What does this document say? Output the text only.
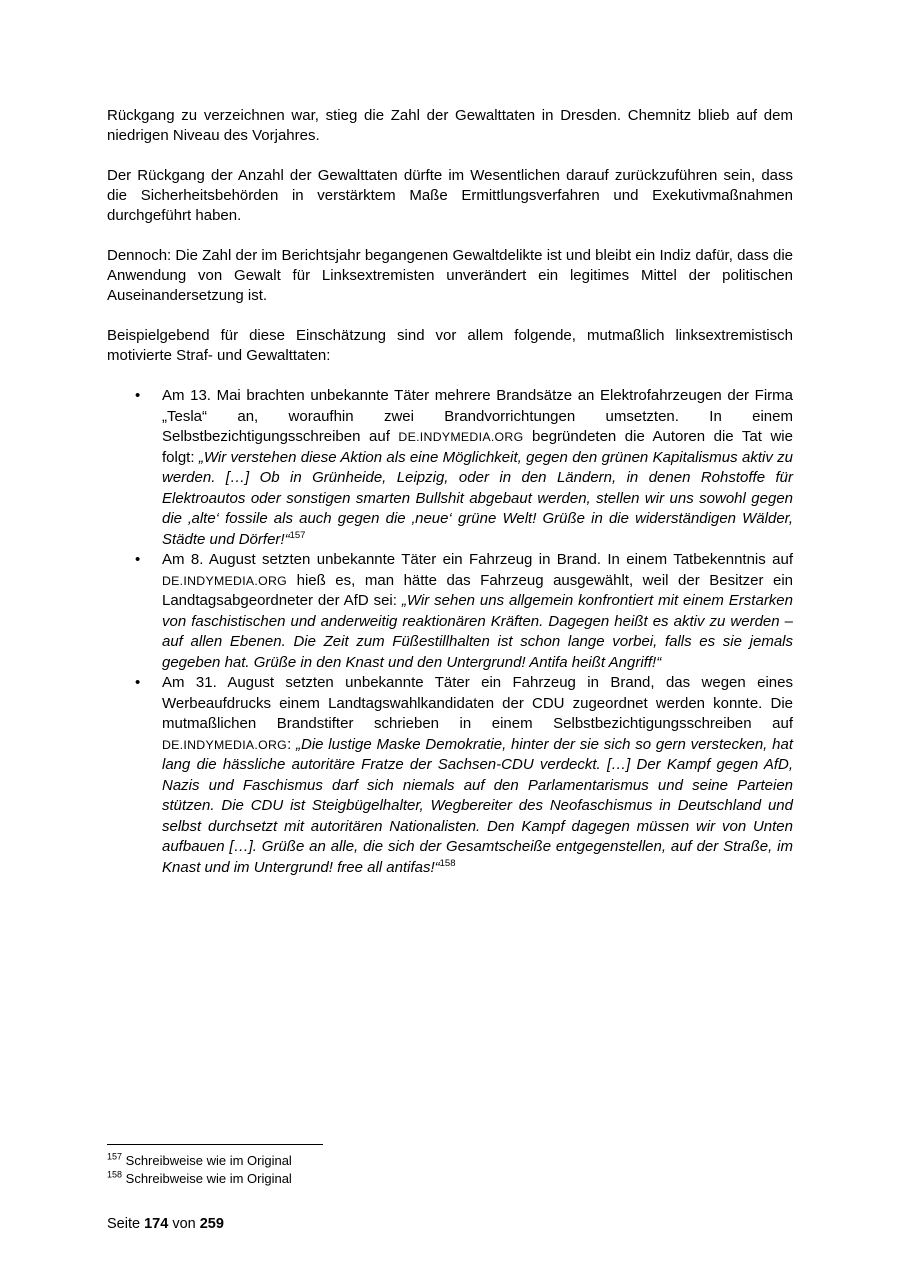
Rückgang zu verzeichnen war, stieg die Zahl der Gewalttaten in Dresden. Chemnitz blieb auf dem niedrigen Niveau des Vorjahres.

Der Rückgang der Anzahl der Gewalttaten dürfte im Wesentlichen darauf zurückzuführen sein, dass die Sicherheitsbehörden in verstärktem Maße Ermittlungsverfahren und Exekutivmaßnahmen durchgeführt haben.

Dennoch: Die Zahl der im Berichtsjahr begangenen Gewaltdelikte ist und bleibt ein Indiz dafür, dass die Anwendung von Gewalt für Linksextremisten unverändert ein legitimes Mittel der politischen Auseinandersetzung ist.

Beispielgebend für diese Einschätzung sind vor allem folgende, mutmaßlich linksextremistisch motivierte Straf- und Gewalttaten:

• Am 13. Mai brachten unbekannte Täter mehrere Brandsätze an Elektrofahrzeugen der Firma „Tesla“ an, woraufhin zwei Brandvorrichtungen umsetzten. In einem Selbstbezichtigungsschreiben auf DE.INDYMEDIA.ORG begründeten die Autoren die Tat wie folgt: „Wir verstehen diese Aktion als eine Möglichkeit, gegen den grünen Kapitalismus aktiv zu werden. […] Ob in Grünheide, Leipzig, oder in den Ländern, in denen Rohstoffe für Elektroautos oder sonstigen smarten Bullshit abgebaut werden, stellen wir uns sowohl gegen die ‚alte‘ fossile als auch gegen die ‚neue‘ grüne Welt! Grüße in die widerständigen Wälder, Städte und Dörfer!“$^{157}$
• Am 8. August setzten unbekannte Täter ein Fahrzeug in Brand. In einem Tatbekenntnis auf DE.INDYMEDIA.ORG hieß es, man hätte das Fahrzeug ausgewählt, weil der Besitzer ein Landtagsabgeordneter der AfD sei: „Wir sehen uns allgemein konfrontiert mit einem Erstarken von faschistischen und anderweitig reaktionären Kräften. Dagegen heißt es aktiv zu werden – auf allen Ebenen. Die Zeit zum Füßestillhalten ist schon lange vorbei, falls es sie jemals gegeben hat. Grüße in den Knast und den Untergrund! Antifa heißt Angriff!“
• Am 31. August setzten unbekannte Täter ein Fahrzeug in Brand, das wegen eines Werbeaufdrucks einem Landtagswahlkandidaten der CDU zugeordnet werden konnte. Die mutmaßlichen Brandstifter schrieben in einem Selbstbezichtigungsschreiben auf DE.INDYMEDIA.ORG: „Die lustige Maske Demokratie, hinter der sie sich so gern verstecken, hat lang die hässliche autoritäre Fratze der Sachsen-CDU verdeckt. […] Der Kampf gegen AfD, Nazis und Faschismus darf sich niemals auf den Parlamentarismus und seine Parteien stützen. Die CDU ist Steigbügelhalter, Wegbereiter des Neofaschismus in Deutschland und selbst durchsetzt mit autoritären Nationalisten. Den Kampf dagegen müssen wir von Unten aufbauen […]. Grüße an alle, die sich der Gesamtscheiße entgegenstellen, auf der Straße, im Knast und im Untergrund! free all antifas!“$^{158}$
$^{157}$ Schreibweise wie im Original
$^{158}$ Schreibweise wie im Original
Seite 174 von 259
